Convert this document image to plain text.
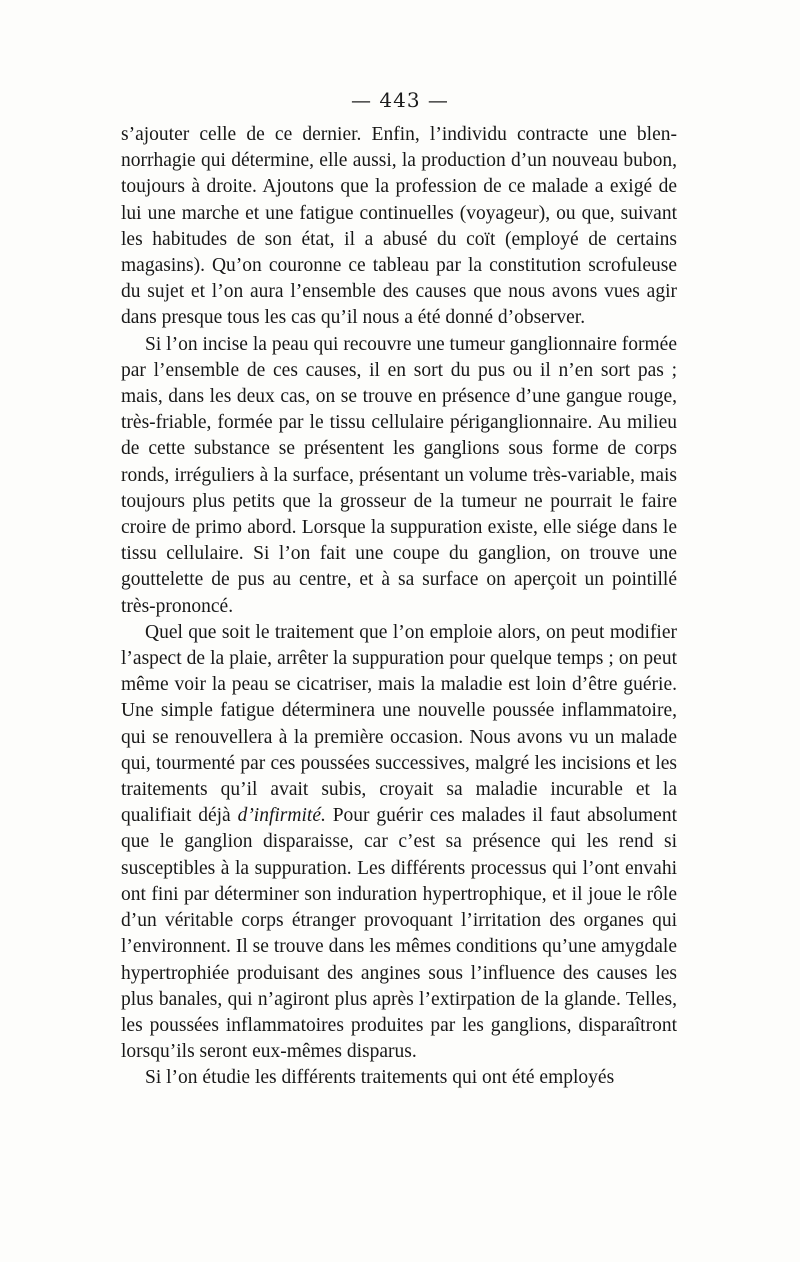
— 443 —

s’ajouter celle de ce dernier. Enfin, l’individu contracte une blennorrhagie qui détermine, elle aussi, la production d’un nouveau bubon, toujours à droite. Ajoutons que la profession de ce malade a exigé de lui une marche et une fatigue continuelles (voyageur), ou que, suivant les habitudes de son état, il a abusé du coït (employé de certains magasins). Qu’on couronne ce tableau par la constitution scrofuleuse du sujet et l’on aura l’ensemble des causes que nous avons vues agir dans presque tous les cas qu’il nous a été donné d’observer.

Si l’on incise la peau qui recouvre une tumeur ganglionnaire formée par l’ensemble de ces causes, il en sort du pus ou il n’en sort pas ; mais, dans les deux cas, on se trouve en présence d’une gangue rouge, très-friable, formée par le tissu cellulaire périganglionnaire. Au milieu de cette substance se présentent les ganglions sous forme de corps ronds, irréguliers à la surface, présentant un volume très-variable, mais toujours plus petits que la grosseur de la tumeur ne pourrait le faire croire de primo abord. Lorsque la suppuration existe, elle siége dans le tissu cellulaire. Si l’on fait une coupe du ganglion, on trouve une gouttelette de pus au centre, et à sa surface on aperçoit un pointillé très-prononcé.

Quel que soit le traitement que l’on emploie alors, on peut modifier l’aspect de la plaie, arrêter la suppuration pour quelque temps ; on peut même voir la peau se cicatriser, mais la maladie est loin d’être guérie. Une simple fatigue déterminera une nouvelle poussée inflammatoire, qui se renouvellera à la première occasion. Nous avons vu un malade qui, tourmenté par ces poussées successives, malgré les incisions et les traitements qu’il avait subis, croyait sa maladie incurable et la qualifiait déjà d’infirmité. Pour guérir ces malades il faut absolument que le ganglion disparaisse, car c’est sa présence qui les rend si susceptibles à la suppuration. Les différents processus qui l’ont envahi ont fini par déterminer son induration hypertrophique, et il joue le rôle d’un véritable corps étranger provoquant l’irritation des organes qui l’environnent. Il se trouve dans les mêmes conditions qu’une amygdale hypertrophiée produisant des angines sous l’influence des causes les plus banales, qui n’agiront plus après l’extirpation de la glande. Telles, les poussées inflammatoires produites par les ganglions, disparaîtront lorsqu’ils seront eux-mêmes disparus.

Si l’on étudie les différents traitements qui ont été employés
